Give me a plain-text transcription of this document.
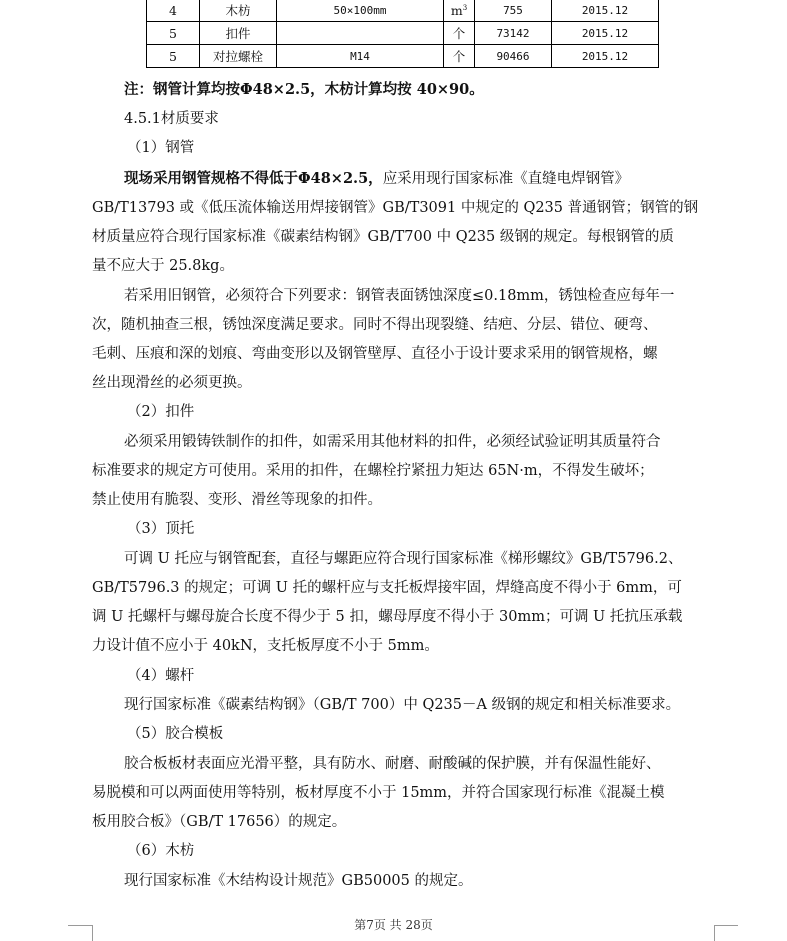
4	木枋	50×100mm	$m^3$	755	2015.12
5	扣件		个	73142	2015.12
5	对拉螺栓	M14	个	90466	2015.12
注：钢管计算均按Φ48×2.5，木枋计算均按 40×90。
4.5.1材质要求
（1）钢管
现场采用钢管规格不得低于Φ48×2.5，应采用现行国家标准《直缝电焊钢管》
GB/T13793 或《低压流体输送用焊接钢管》GB/T3091 中规定的 Q235 普通钢管；钢管的钢
材质量应符合现行国家标准《碳素结构钢》GB/T700 中 Q235 级钢的规定。每根钢管的质
量不应大于 25.8kg。
若采用旧钢管，必须符合下列要求：钢管表面锈蚀深度≤0.18mm，锈蚀检查应每年一
次，随机抽查三根，锈蚀深度满足要求。同时不得出现裂缝、结疤、分层、错位、硬弯、
毛刺、压痕和深的划痕、弯曲变形以及钢管壁厚、直径小于设计要求采用的钢管规格，螺
丝出现滑丝的必须更换。
（2）扣件
必须采用锻铸铁制作的扣件，如需采用其他材料的扣件，必须经试验证明其质量符合
标准要求的规定方可使用。采用的扣件，在螺栓拧紧扭力矩达 65N·m，不得发生破坏；
禁止使用有脆裂、变形、滑丝等现象的扣件。
（3）顶托
可调 U 托应与钢管配套，直径与螺距应符合现行国家标准《梯形螺纹》GB/T5796.2、
GB/T5796.3 的规定；可调 U 托的螺杆应与支托板焊接牢固，焊缝高度不得小于 6mm，可
调 U 托螺杆与螺母旋合长度不得少于 5 扣，螺母厚度不得小于 30mm；可调 U 托抗压承载
力设计值不应小于 40kN，支托板厚度不小于 5mm。
（4）螺杆
现行国家标准《碳素结构钢》（GB/T 700）中 Q235－A 级钢的规定和相关标准要求。
（5）胶合模板
胶合板板材表面应光滑平整，具有防水、耐磨、耐酸碱的保护膜，并有保温性能好、
易脱模和可以两面使用等特别，板材厚度不小于 15mm，并符合国家现行标准《混凝土模
板用胶合板》（GB/T 17656）的规定。
（6）木枋
现行国家标准《木结构设计规范》GB50005 的规定。
第7页 共 28页
